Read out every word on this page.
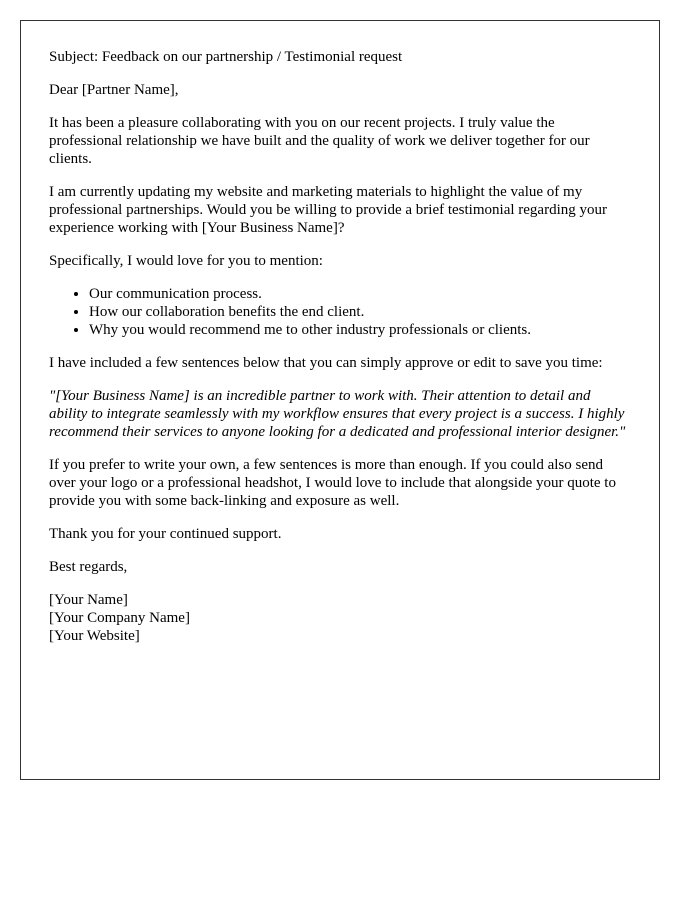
Subject: Feedback on our partnership / Testimonial request

Dear [Partner Name],

It has been a pleasure collaborating with you on our recent projects. I truly value the professional relationship we have built and the quality of work we deliver together for our clients.

I am currently updating my website and marketing materials to highlight the value of my professional partnerships. Would you be willing to provide a brief testimonial regarding your experience working with [Your Business Name]?

Specifically, I would love for you to mention:

• Our communication process.
• How our collaboration benefits the end client.
• Why you would recommend me to other industry professionals or clients.

I have included a few sentences below that you can simply approve or edit to save you time:

"[Your Business Name] is an incredible partner to work with. Their attention to detail and ability to integrate seamlessly with my workflow ensures that every project is a success. I highly recommend their services to anyone looking for a dedicated and professional interior designer."

If you prefer to write your own, a few sentences is more than enough. If you could also send over your logo or a professional headshot, I would love to include that alongside your quote to provide you with some back-linking and exposure as well.

Thank you for your continued support.

Best regards,

[Your Name]
[Your Company Name]
[Your Website]
